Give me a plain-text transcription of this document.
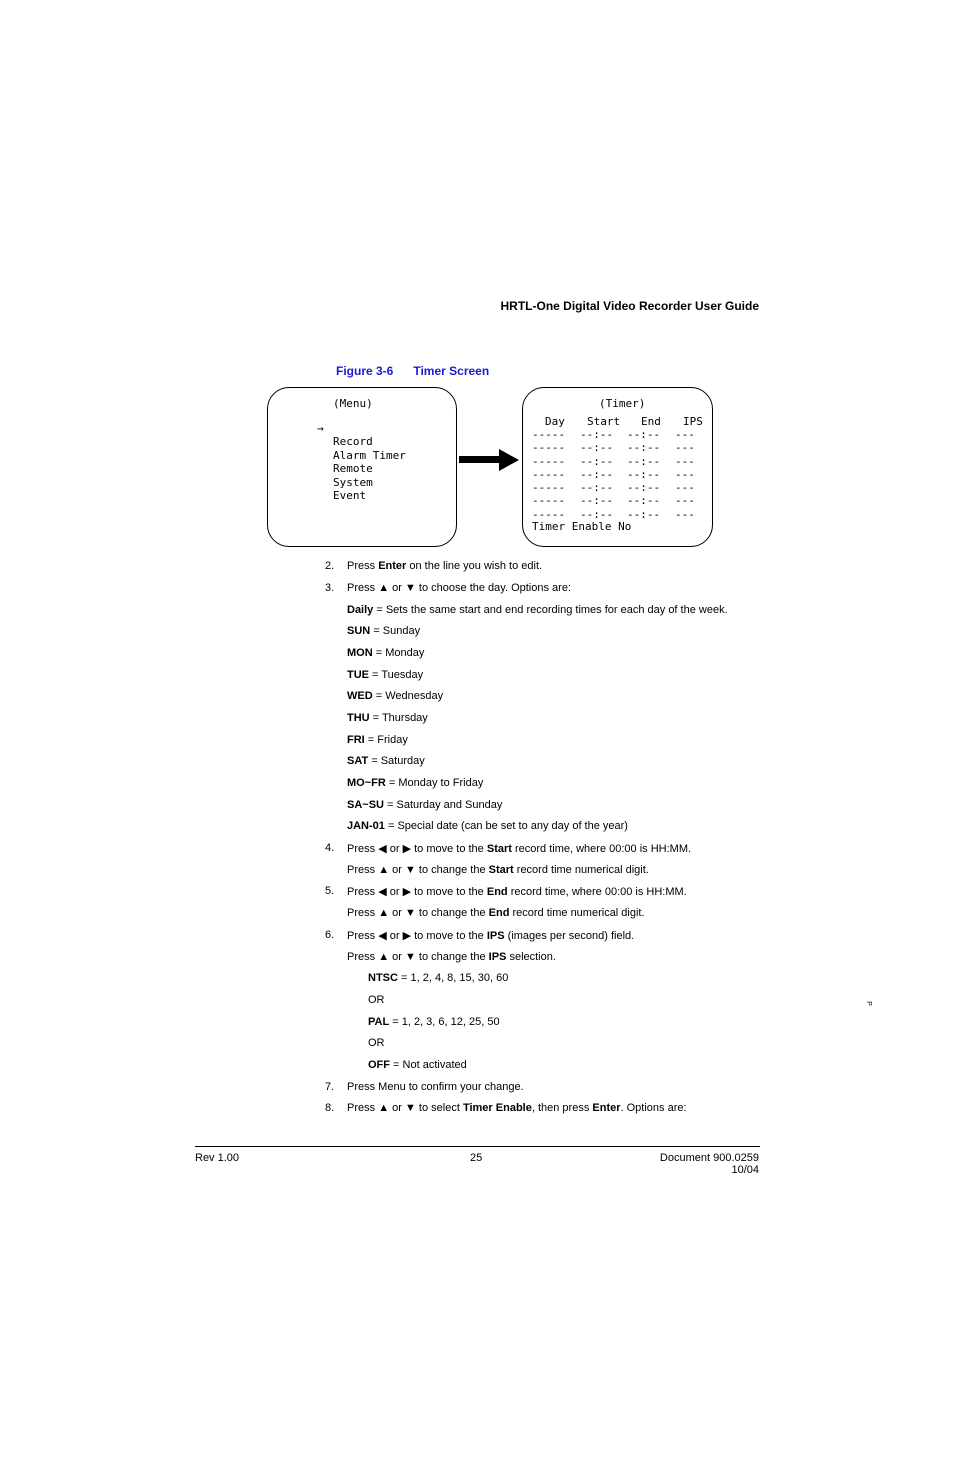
HRTL-One Digital Video Recorder User Guide
Figure 3-6 Timer Screen
(Menu)

→

Timer

Record
Alarm
Remote
System
Event
(Timer)
Day Start End IPS
----- --:-- --:-- ---
----- --:-- --:-- ---
----- --:-- --:-- ---
----- --:-- --:-- ---
----- --:-- --:-- ---
----- --:-- --:-- ---
----- --:-- --:-- ---
Timer Enable No
2. Press Enter on the line you wish to edit.
3. Press ▲ or ▼ to choose the day. Options are:
Daily = Sets the same start and end recording times for each day of the week.
SUN = Sunday
MON = Monday
TUE = Tuesday
WED = Wednesday
THU = Thursday
FRI = Friday
SAT = Saturday
MO~FR = Monday to Friday
SA~SU = Saturday and Sunday
JAN-01 = Special date (can be set to any day of the year)
4. Press ◀ or ▶ to move to the Start record time, where 00:00 is HH:MM.
Press ▲ or ▼ to change the Start record time numerical digit.
5. Press ◀ or ▶ to move to the End record time, where 00:00 is HH:MM.
Press ▲ or ▼ to change the End record time numerical digit.
6. Press ◀ or ▶ to move to the IPS (images per second) field.
Press ▲ or ▼ to change the IPS selection.
NTSC = 1, 2, 4, 8, 15, 30, 60
OR
PAL = 1, 2, 3, 6, 12, 25, 50
OR
OFF = Not activated
7. Press Menu to confirm your change.
8. Press ▲ or ▼ to select Timer Enable, then press Enter. Options are:
P
Rev 1.00	25	Document 900.0259
10/04
